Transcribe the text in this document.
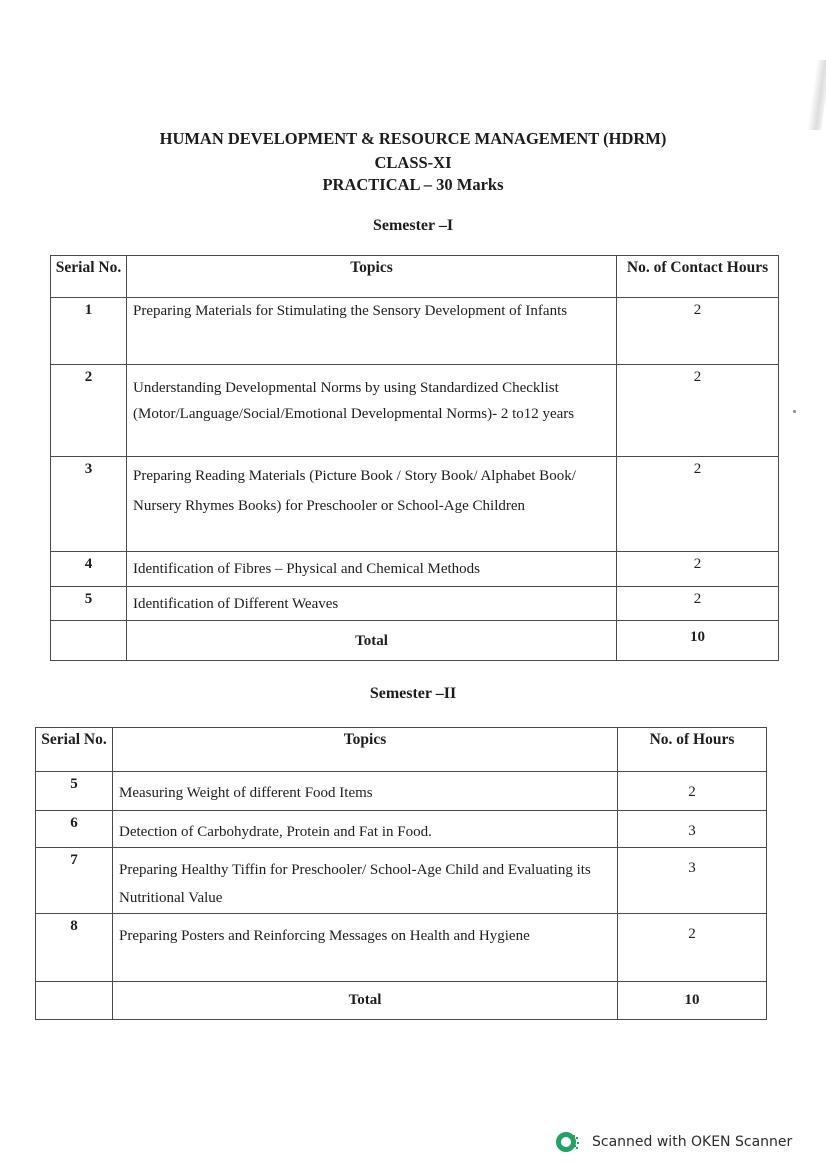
HUMAN DEVELOPMENT & RESOURCE MANAGEMENT (HDRM)
CLASS-XI
PRACTICAL – 30 Marks
Semester –I
Serial No.	Topics	No. of Contact Hours
1	Preparing Materials for Stimulating the Sensory Development of Infants	2
2	Understanding Developmental Norms by using Standardized Checklist (Motor/Language/Social/Emotional Developmental Norms)- 2 to12 years	2
3	Preparing Reading Materials (Picture Book / Story Book/ Alphabet Book/ Nursery Rhymes Books) for Preschooler or School-Age Children	2
4	Identification of Fibres – Physical and Chemical Methods	2
5	Identification of Different Weaves	2
	Total	10
Semester –II
Serial No.	Topics	No. of Hours
5	Measuring Weight of different Food Items	2
6	Detection of Carbohydrate, Protein and Fat in Food.	3
7	Preparing Healthy Tiffin for Preschooler/ School-Age Child and Evaluating its Nutritional Value	3
8	Preparing Posters and Reinforcing Messages on Health and Hygiene	2
	Total	10
Scanned with OKEN Scanner
